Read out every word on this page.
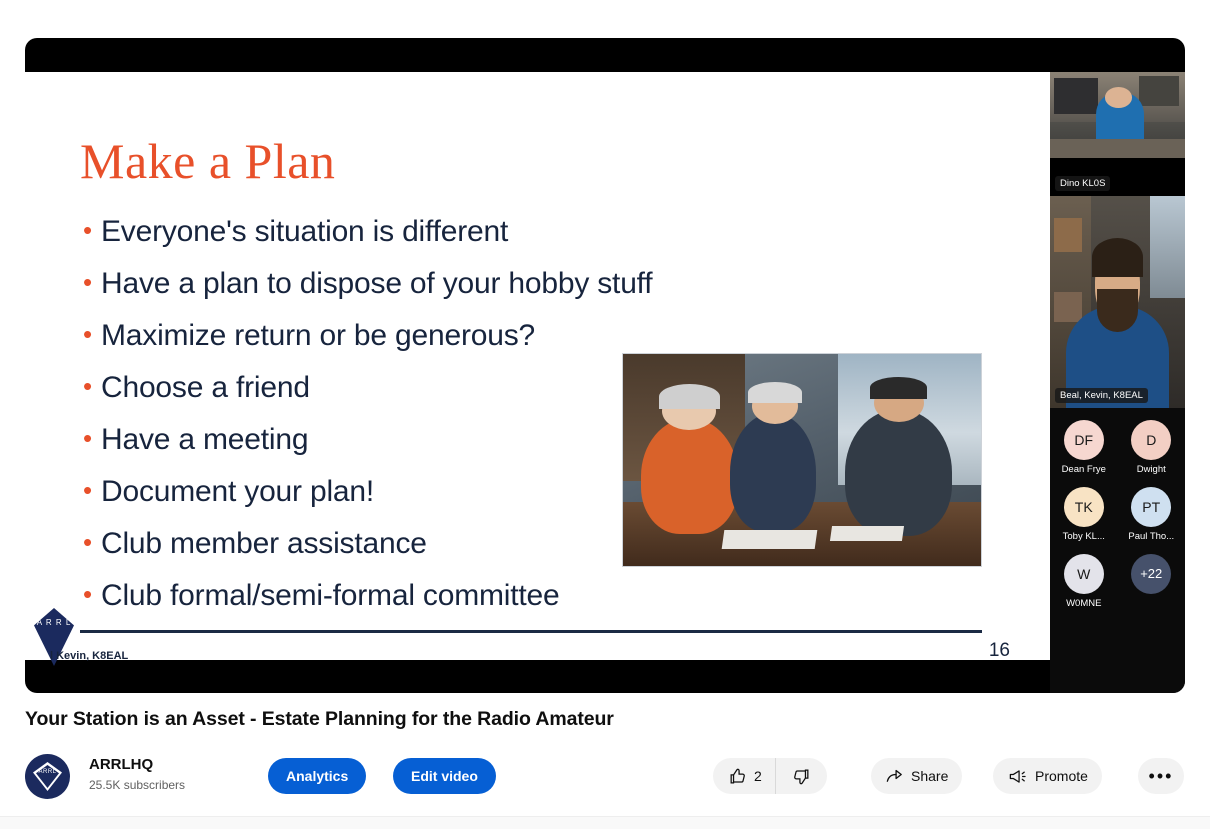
Make a Plan
• Everyone's situation is different
• Have a plan to dispose of your hobby stuff
• Maximize return or be generous?
• Choose a friend
• Have a meeting
• Document your plan!
• Club member assistance
• Club formal/semi-formal committee
16
A R R L
l Kevin, K8EAL
Dino KL0S
Beal, Kevin, K8EAL
DF
Dean Frye
D
Dwight
TK
Toby KL...
PT
Paul Tho...
W
W0MNE
+22
Your Station is an Asset - Estate Planning for the Radio Amateur
ARRL	ARRLHQ
25.5K subscribers
Analytics	Edit video	2	Share	Promote	•••
